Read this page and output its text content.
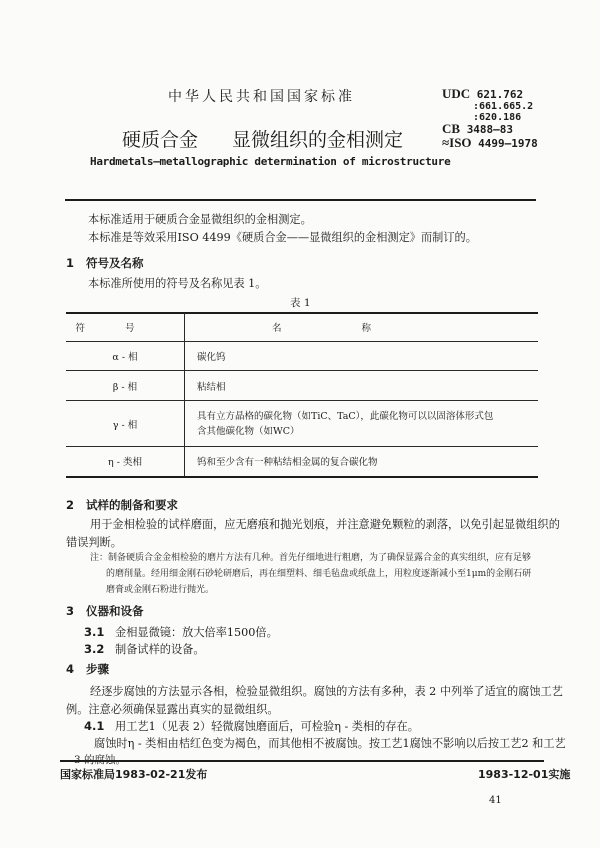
中华人民共和国国家标准	UDC 621.762
:661.665.2
:620.186
CB 3488—83
≈ISO 4499—1978
硬质合金 显微组织的金相测定
Hardmetals—metallographic determination of microstructure
本标准适用于硬质合金显微组织的金相测定。
本标准是等效采用ISO 4499《硬质合金——显微组织的金相测定》而制订的。
1 符号及名称
本标准所使用的符号及名称见表 1。
表 1
符号	名称
α - 相	碳化钨
β - 相	粘结相
γ - 相	具有立方晶格的碳化物（如TiC、TaC），此碳化物可以以固溶体形式包
含其他碳化物（如WC）

η - 类相	钨和至少含有一种粘结相金属的复合碳化物
2 试样的制备和要求
用于金相检验的试样磨面，应无磨痕和抛光划痕，并注意避免颗粒的剥落，以免引起显微组织的
错误判断。
注：制备硬质合金金相检验的磨片方法有几种。首先仔细地进行粗磨，为了确保显露合金的真实组织，应有足够
的磨削量。经用细金刚石砂轮研磨后，再在细塑料、细毛毡盘或纸盘上，用粒度逐渐减小至1μm的金刚石研
磨膏或金刚石粉进行抛光。
3 仪器和设备
3.1 金相显微镜：放大倍率1500倍。
3.2 制备试样的设备。
4 步骤
经逐步腐蚀的方法显示各相，检验显微组织。腐蚀的方法有多种，表 2 中列举了适宜的腐蚀工艺
例。注意必须确保显露出真实的显微组织。
4.1 用工艺1（见表 2）轻微腐蚀磨面后，可检验η - 类相的存在。
腐蚀时η - 类相由桔红色变为褐色，而其他相不被腐蚀。按工艺1腐蚀不影响以后按工艺2 和工艺
国家标准局1983-02-21发布	1983-12-01实施
41
